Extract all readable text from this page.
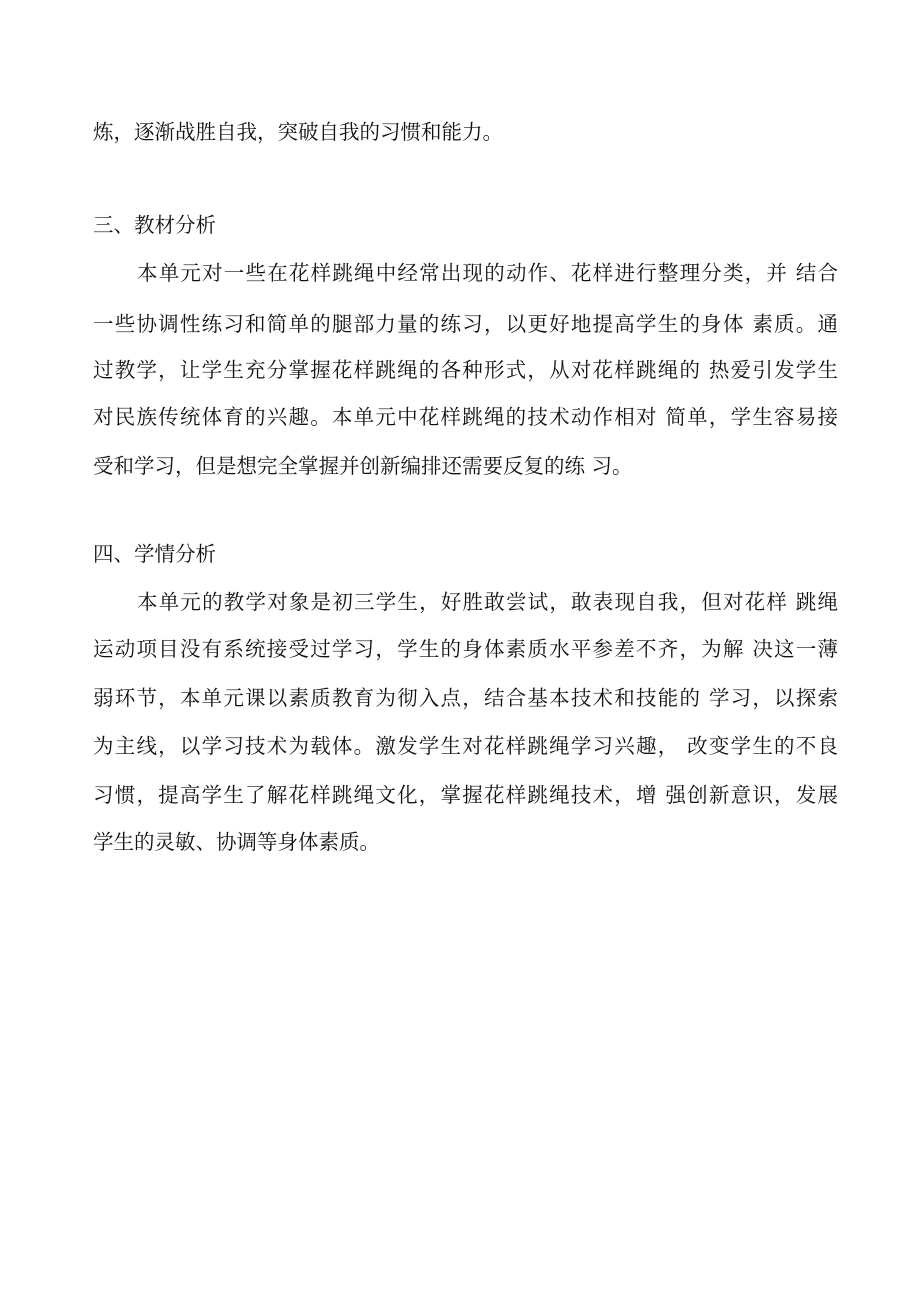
炼，逐渐战胜自我，突破自我的习惯和能力。
三、教材分析
本单元对一些在花样跳绳中经常出现的动作、花样进行整理分类，并 结合
一些协调性练习和简单的腿部力量的练习，以更好地提高学生的身体 素质。通
过教学，让学生充分掌握花样跳绳的各种形式，从对花样跳绳的 热爱引发学生
对民族传统体育的兴趣。本单元中花样跳绳的技术动作相对 简单，学生容易接
受和学习，但是想完全掌握并创新编排还需要反复的练 习。
四、学情分析
本单元的教学对象是初三学生，好胜敢尝试，敢表现自我，但对花样 跳绳
运动项目没有系统接受过学习，学生的身体素质水平参差不齐，为解 决这一薄
弱环节，本单元课以素质教育为彻入点，结合基本技术和技能的 学习，以探索
为主线，以学习技术为载体。激发学生对花样跳绳学习兴趣， 改变学生的不良
习惯，提高学生了解花样跳绳文化，掌握花样跳绳技术，增 强创新意识，发展
学生的灵敏、协调等身体素质。
